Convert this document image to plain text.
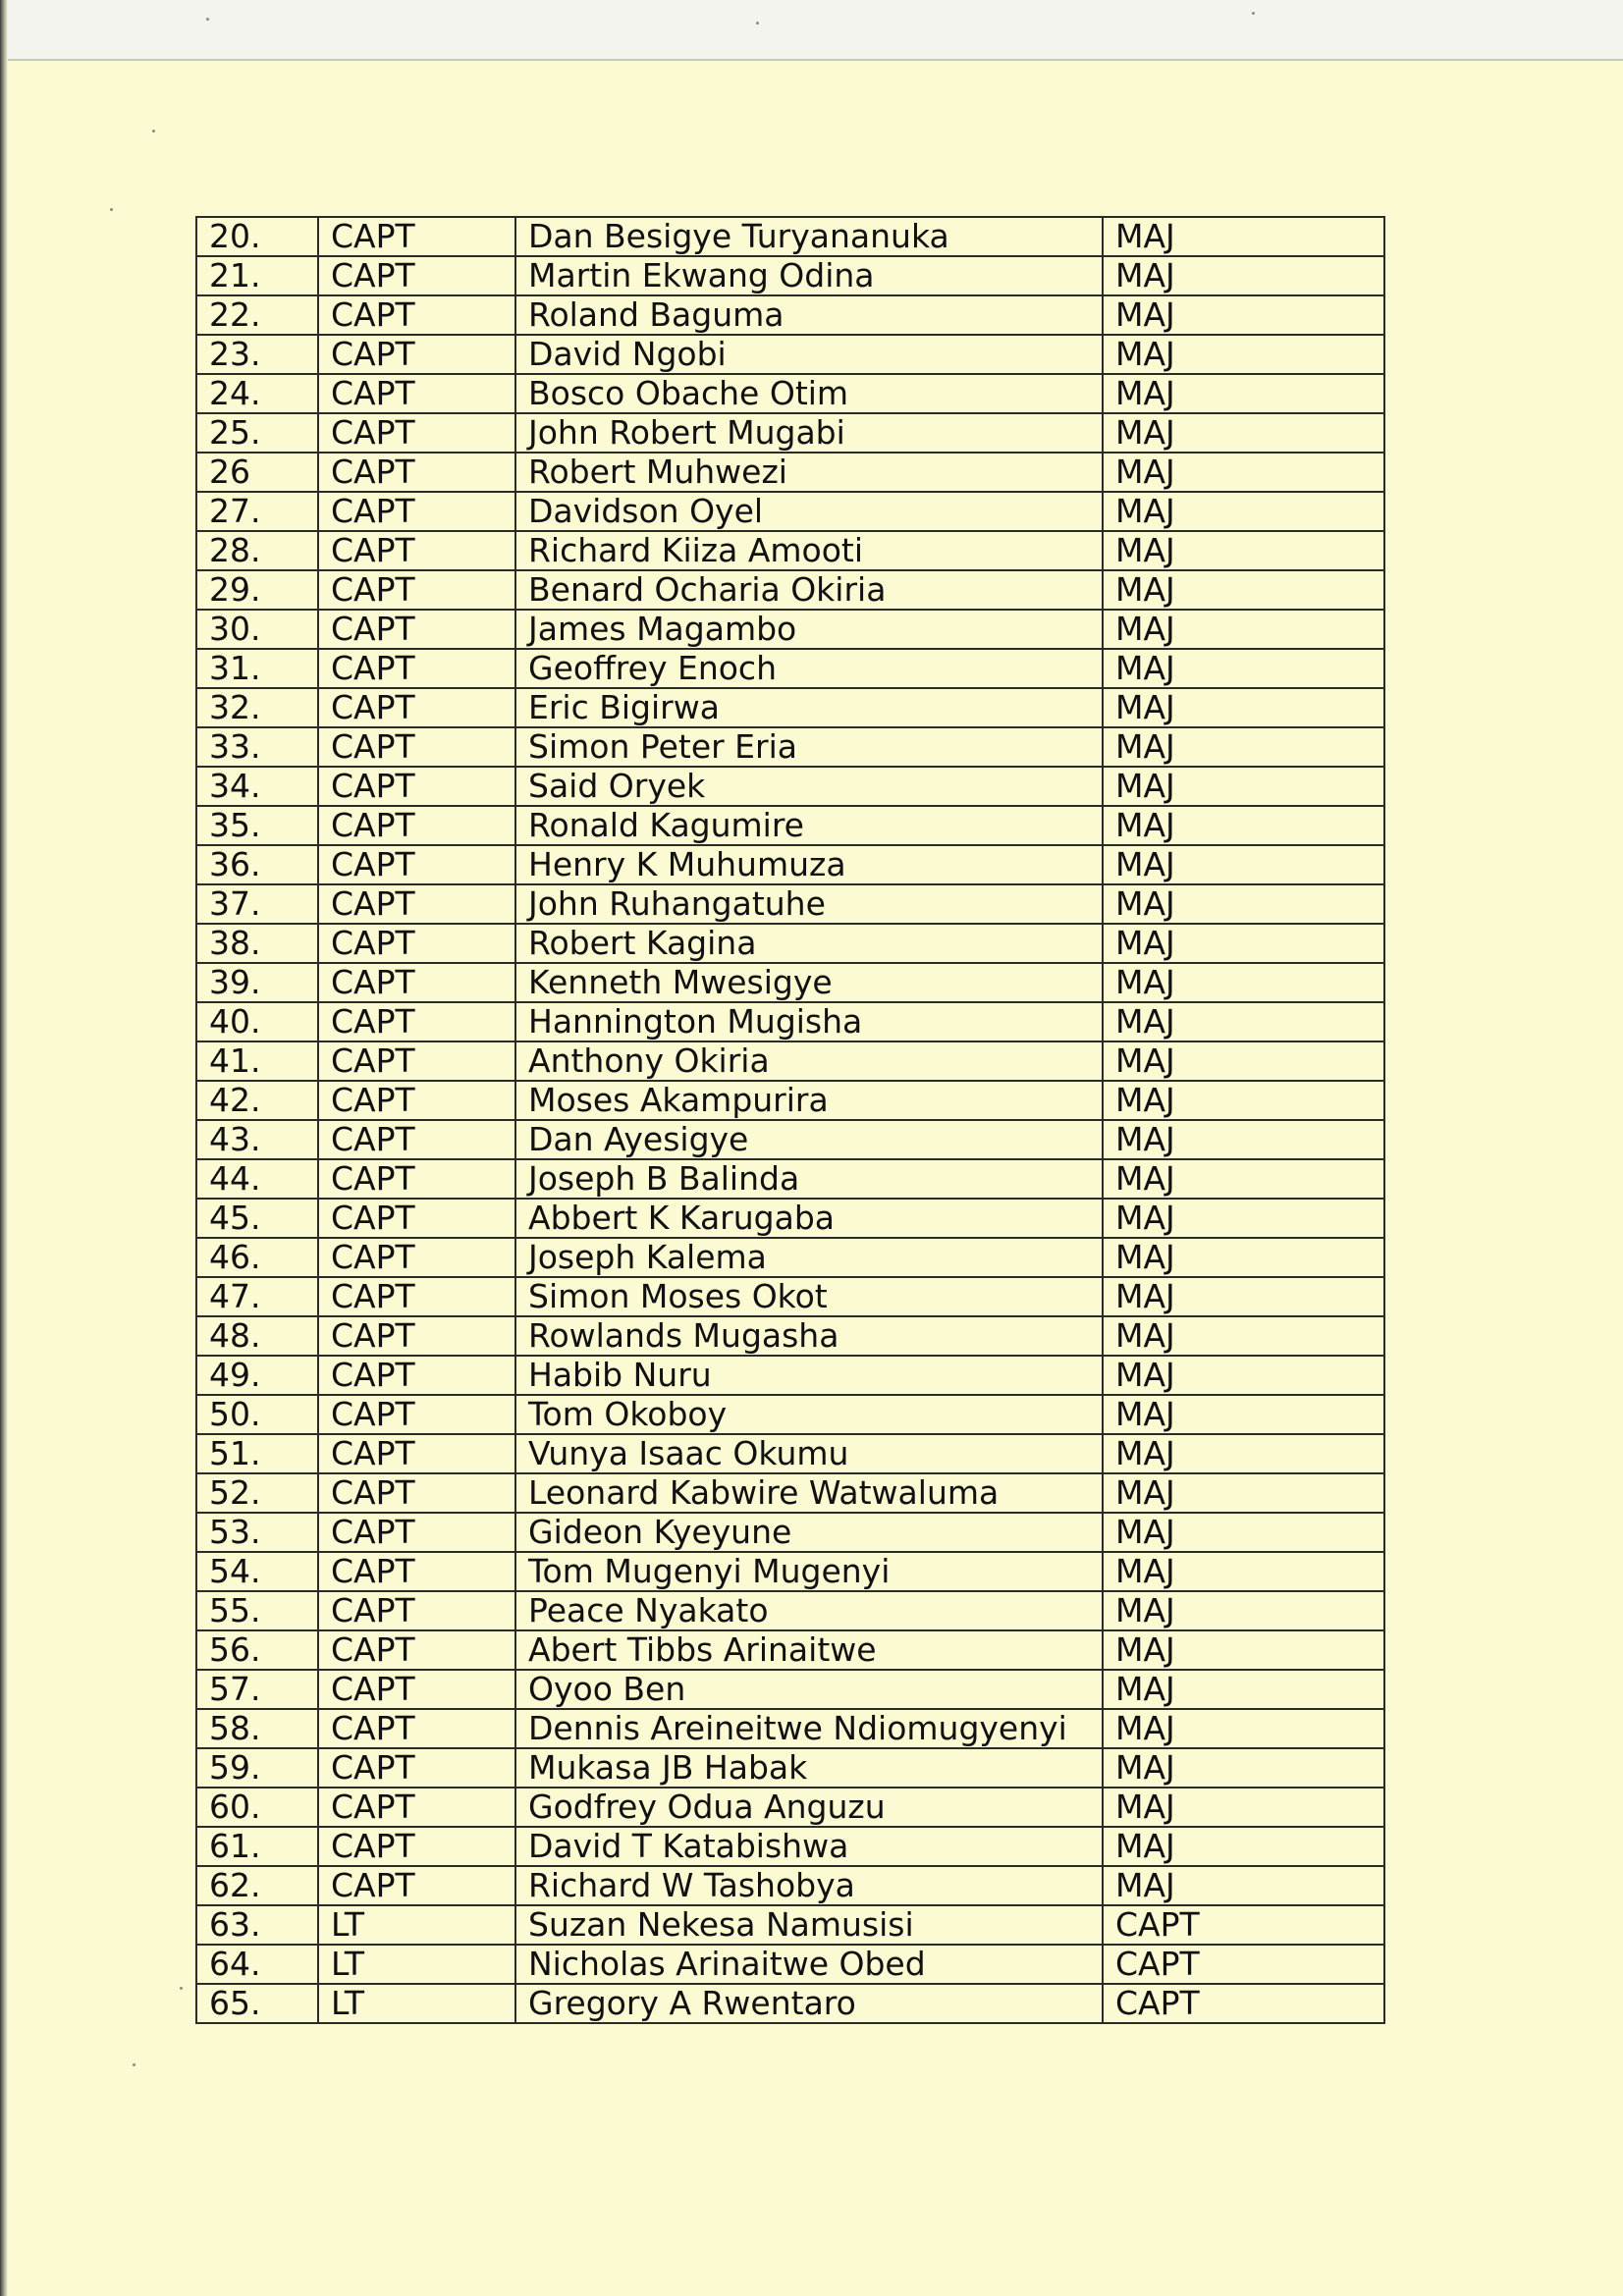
20.	CAPT	Dan Besigye Turyananuka	MAJ
21.	CAPT	Martin Ekwang Odina	MAJ
22.	CAPT	Roland Baguma	MAJ
23.	CAPT	David Ngobi	MAJ
24.	CAPT	Bosco Obache Otim	MAJ
25.	CAPT	John Robert Mugabi	MAJ
26	CAPT	Robert Muhwezi	MAJ
27.	CAPT	Davidson Oyel	MAJ
28.	CAPT	Richard Kiiza Amooti	MAJ
29.	CAPT	Benard Ocharia Okiria	MAJ
30.	CAPT	James Magambo	MAJ
31.	CAPT	Geoffrey Enoch	MAJ
32.	CAPT	Eric Bigirwa	MAJ
33.	CAPT	Simon Peter Eria	MAJ
34.	CAPT	Said Oryek	MAJ
35.	CAPT	Ronald Kagumire	MAJ
36.	CAPT	Henry K Muhumuza	MAJ
37.	CAPT	John Ruhangatuhe	MAJ
38.	CAPT	Robert Kagina	MAJ
39.	CAPT	Kenneth Mwesigye	MAJ
40.	CAPT	Hannington Mugisha	MAJ
41.	CAPT	Anthony Okiria	MAJ
42.	CAPT	Moses Akampurira	MAJ
43.	CAPT	Dan Ayesigye	MAJ
44.	CAPT	Joseph B Balinda	MAJ
45.	CAPT	Abbert K Karugaba	MAJ
46.	CAPT	Joseph Kalema	MAJ
47.	CAPT	Simon Moses Okot	MAJ
48.	CAPT	Rowlands Mugasha	MAJ
49.	CAPT	Habib Nuru	MAJ
50.	CAPT	Tom Okoboy	MAJ
51.	CAPT	Vunya Isaac Okumu	MAJ
52.	CAPT	Leonard Kabwire Watwaluma	MAJ
53.	CAPT	Gideon Kyeyune	MAJ
54.	CAPT	Tom Mugenyi Mugenyi	MAJ
55.	CAPT	Peace Nyakato	MAJ
56.	CAPT	Abert Tibbs Arinaitwe	MAJ
57.	CAPT	Oyoo Ben	MAJ
58.	CAPT	Dennis Areineitwe Ndiomugyenyi	MAJ
59.	CAPT	Mukasa JB Habak	MAJ
60.	CAPT	Godfrey Odua Anguzu	MAJ
61.	CAPT	David T Katabishwa	MAJ
62.	CAPT	Richard W Tashobya	MAJ
63.	LT	Suzan Nekesa Namusisi	CAPT
64.	LT	Nicholas Arinaitwe Obed	CAPT
65.	LT	Gregory A Rwentaro	CAPT
